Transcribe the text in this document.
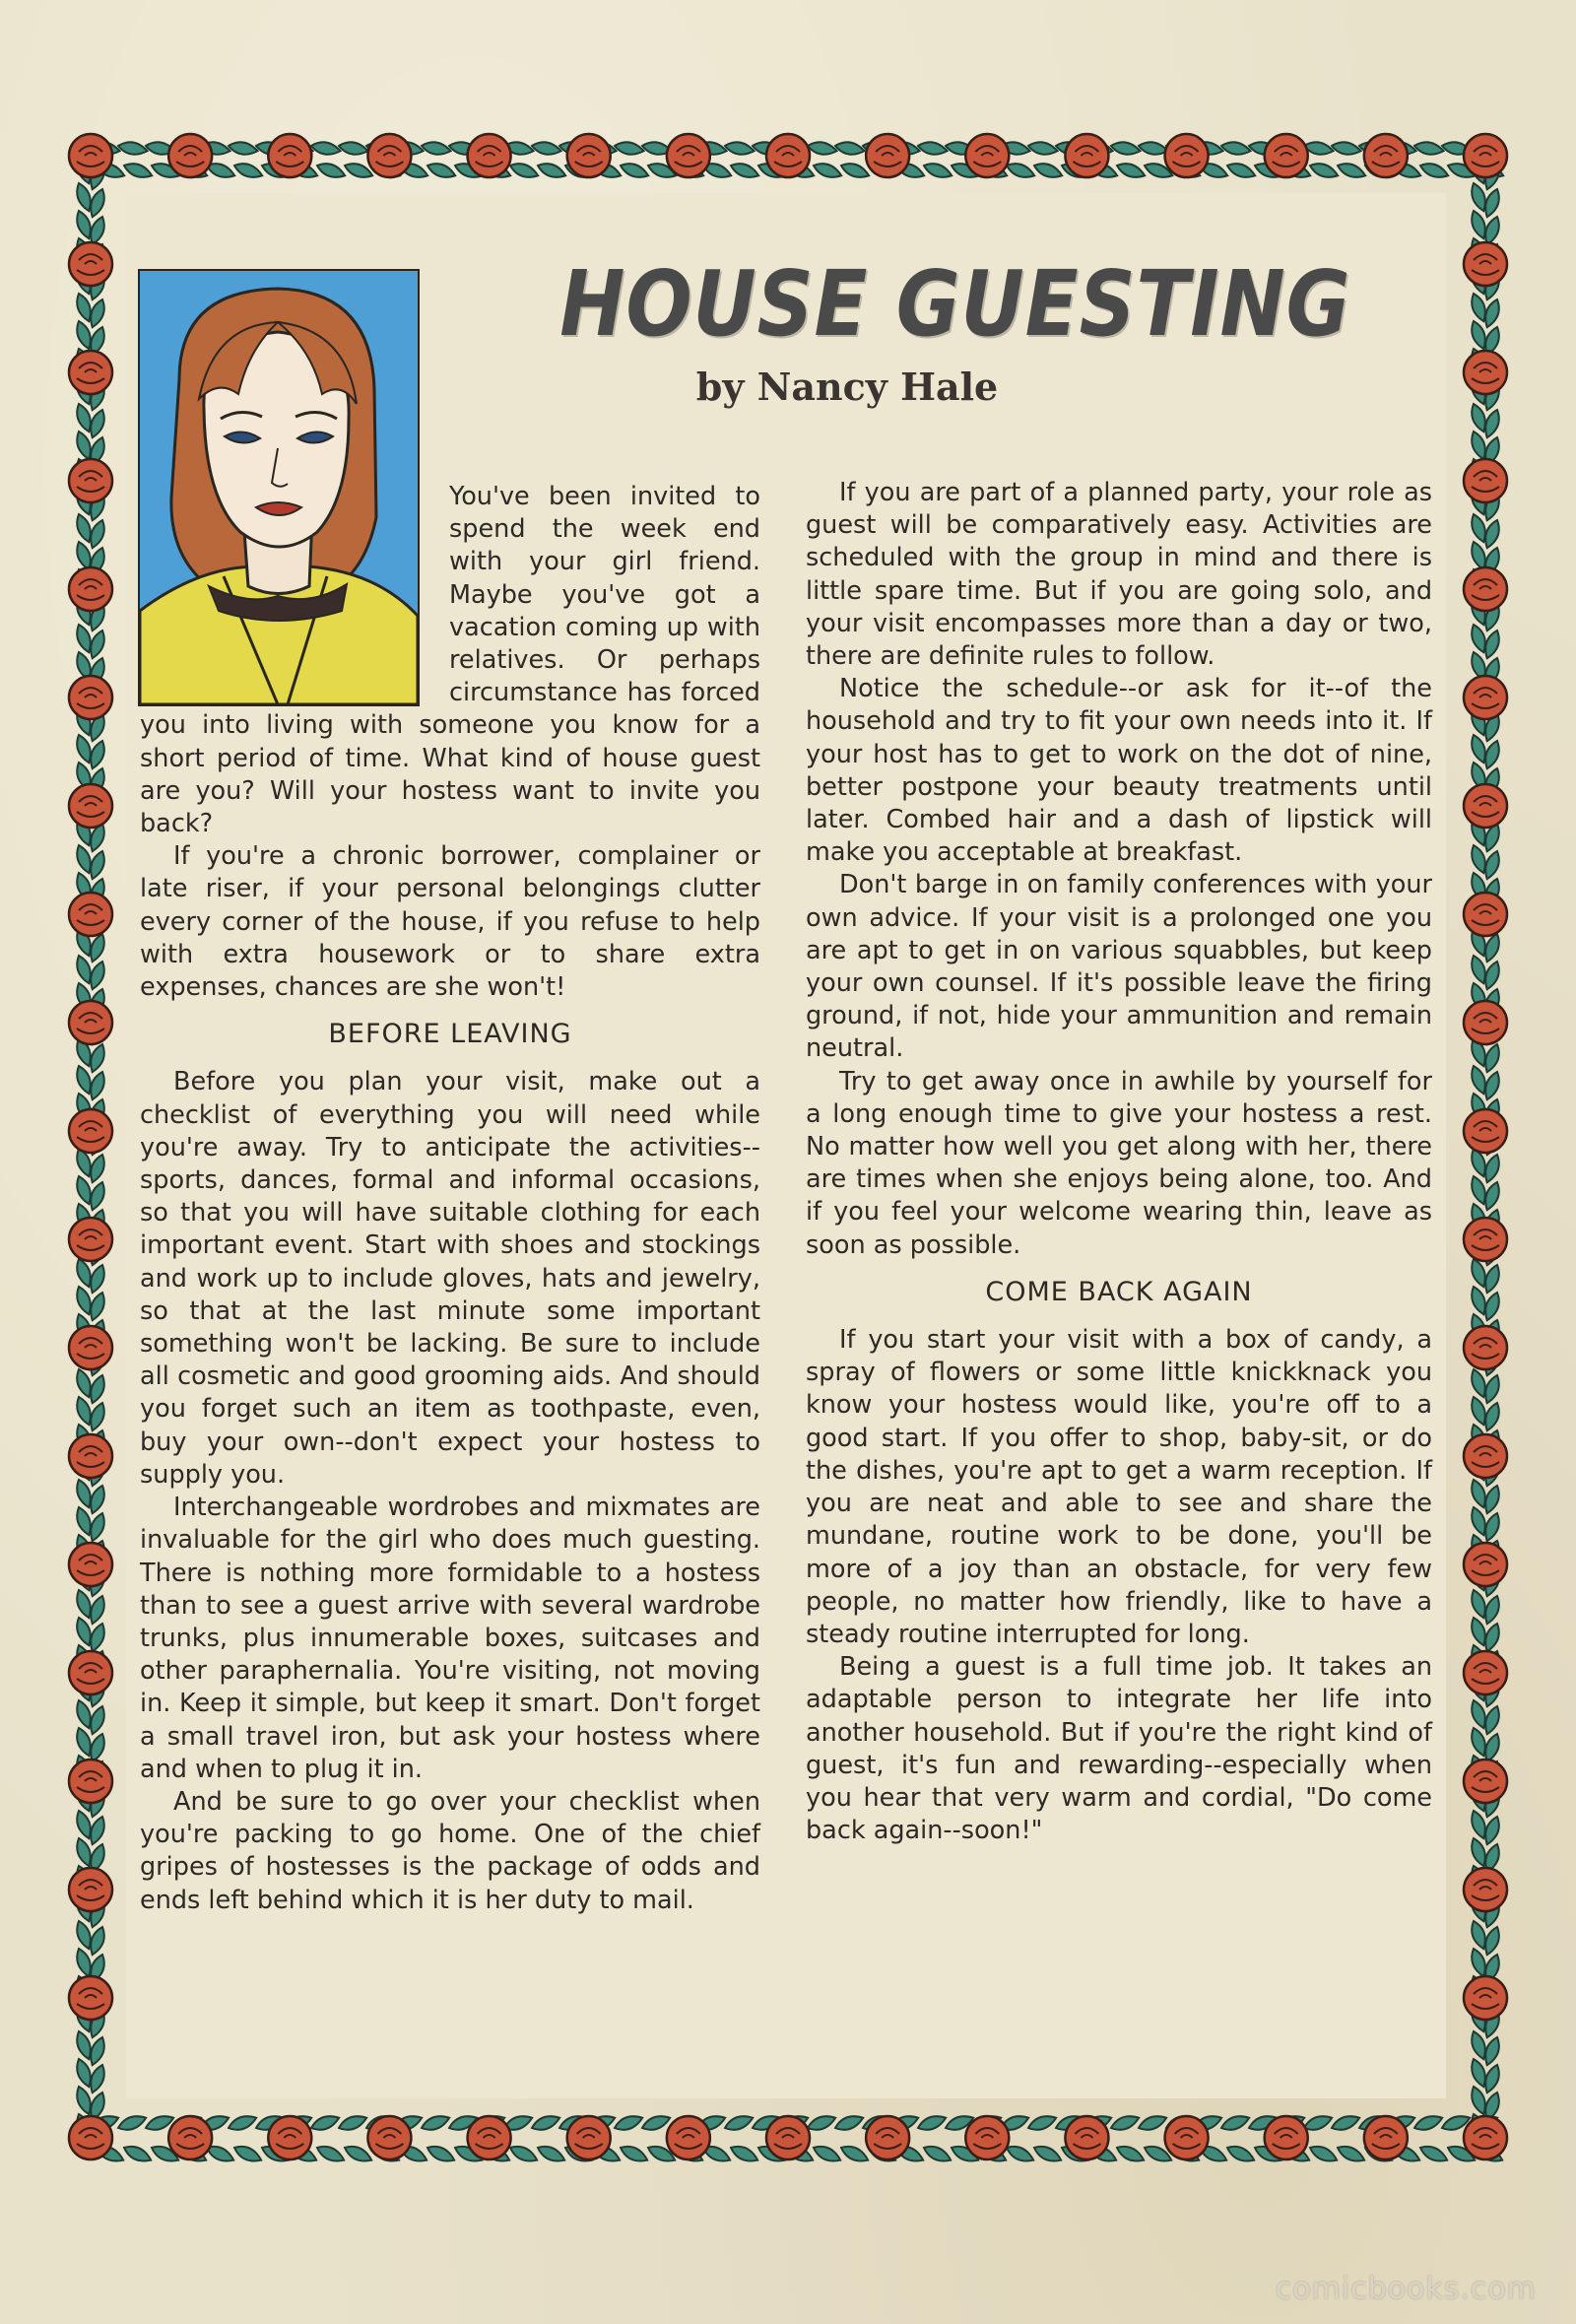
HOUSE GUESTING
by Nancy Hale

You've been invited to spend the week end with your girl friend. Maybe you've got a vacation coming up with relatives. Or perhaps circumstance has forced you into living with someone you know for a short period of time. What kind of house guest are you? Will your hostess want to invite you back?

If you're a chronic borrower, complainer or late riser, if your personal belongings clutter every corner of the house, if you refuse to help with extra housework or to share extra expenses, chances are she won't!

BEFORE LEAVING

Before you plan your visit, make out a checklist of everything you will need while you're away. Try to anticipate the activities--sports, dances, formal and informal occasions, so that you will have suitable clothing for each important event. Start with shoes and stockings and work up to include gloves, hats and jewelry, so that at the last minute some important something won't be lacking. Be sure to include all cosmetic and good grooming aids. And should you forget such an item as toothpaste, even, buy your own--don't expect your hostess to supply you.

Interchangeable wordrobes and mixmates are invaluable for the girl who does much guesting. There is nothing more formidable to a hostess than to see a guest arrive with several wardrobe trunks, plus innumerable boxes, suitcases and other paraphernalia. You're visiting, not moving in. Keep it simple, but keep it smart. Don't forget a small travel iron, but ask your hostess where and when to plug it in.

And be sure to go over your checklist when you're packing to go home. One of the chief gripes of hostesses is the package of odds and ends left behind which it is her duty to mail.

If you are part of a planned party, your role as guest will be comparatively easy. Activities are scheduled with the group in mind and there is little spare time. But if you are going solo, and your visit encompasses more than a day or two, there are definite rules to follow.

Notice the schedule--or ask for it--of the household and try to fit your own needs into it. If your host has to get to work on the dot of nine, better postpone your beauty treatments until later. Combed hair and a dash of lipstick will make you acceptable at breakfast.

Don't barge in on family conferences with your own advice. If your visit is a prolonged one you are apt to get in on various squabbles, but keep your own counsel. If it's possible leave the firing ground, if not, hide your ammunition and remain neutral.

Try to get away once in awhile by yourself for a long enough time to give your hostess a rest. No matter how well you get along with her, there are times when she enjoys being alone, too. And if you feel your welcome wearing thin, leave as soon as possible.

COME BACK AGAIN

If you start your visit with a box of candy, a spray of flowers or some little knickknack you know your hostess would like, you're off to a good start. If you offer to shop, baby-sit, or do the dishes, you're apt to get a warm reception. If you are neat and able to see and share the mundane, routine work to be done, you'll be more of a joy than an obstacle, for very few people, no matter how friendly, like to have a steady routine interrupted for long.

Being a guest is a full time job. It takes an adaptable person to integrate her life into another household. But if you're the right kind of guest, it's fun and rewarding--especially when you hear that very warm and cordial, "Do come back again--soon!"

comicbooks.com
